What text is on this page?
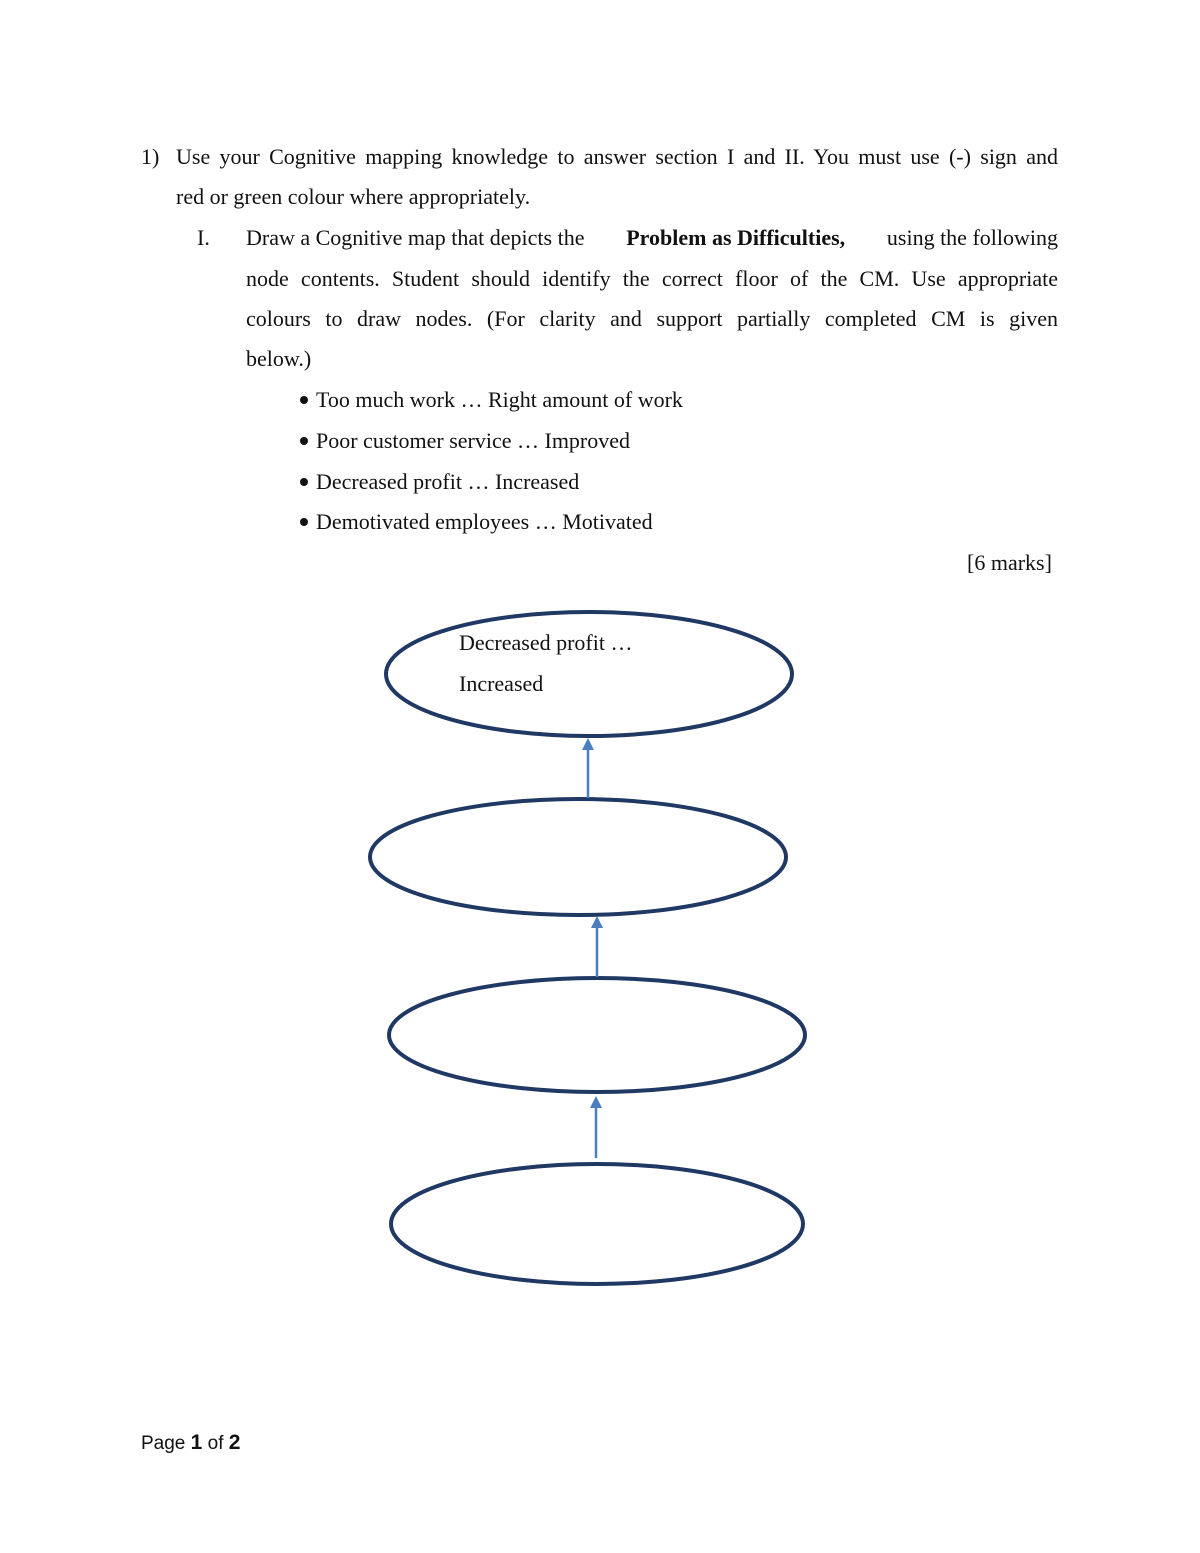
1) Use your Cognitive mapping knowledge to answer section I and II. You must use (-) sign and
red or green colour where appropriately.
I. Draw a Cognitive map that depicts the Problem as Difficulties, using the following
node contents. Student should identify the correct floor of the CM. Use appropriate
colours to draw nodes. (For clarity and support partially completed CM is given
below.)
Too much work … Right amount of work
Poor customer service … Improved
Decreased profit … Increased
Demotivated employees … Motivated
[6 marks]
Decreased profit …
Increased
Page 1 of 2
